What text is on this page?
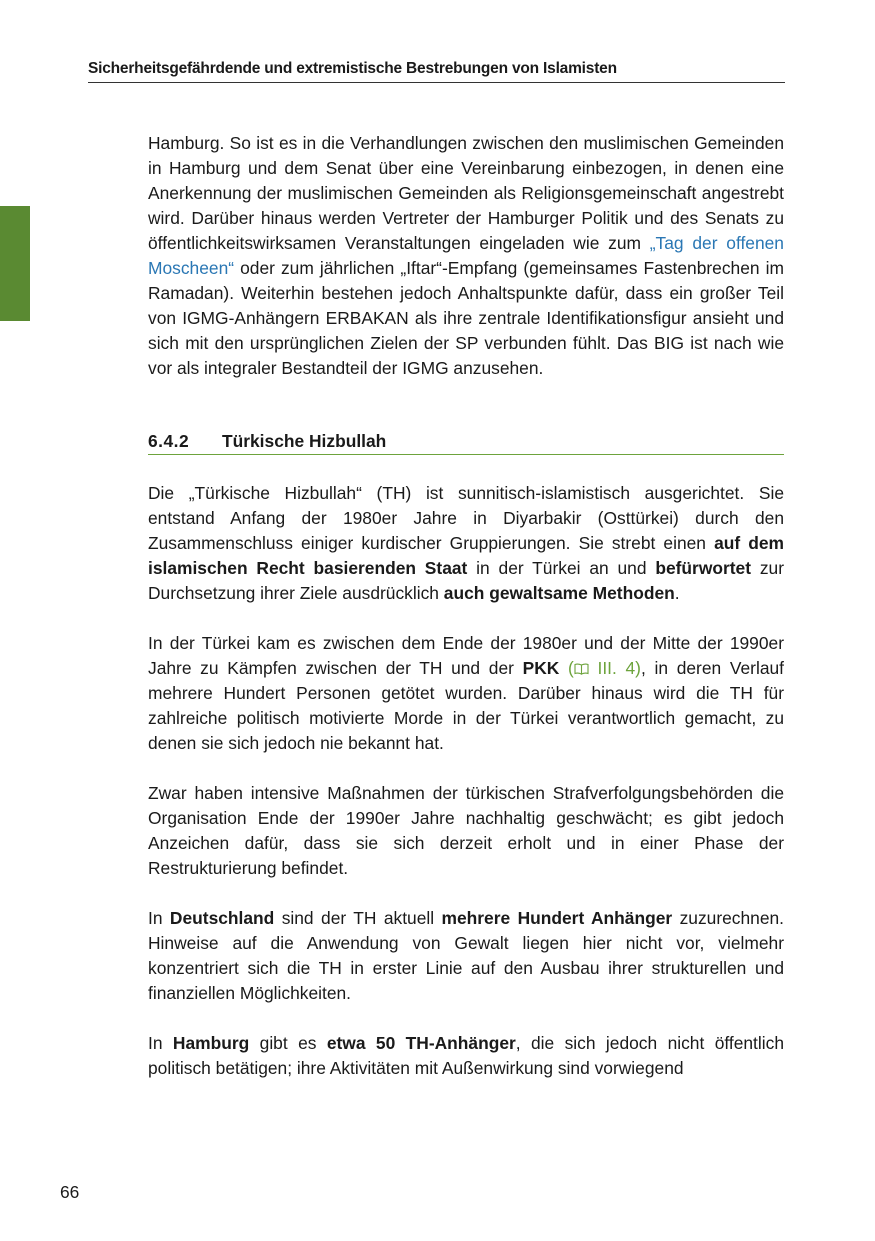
Sicherheitsgefährdende und extremistische Bestrebungen von Islamisten

Hamburg. So ist es in die Verhandlungen zwischen den muslimischen Gemeinden in Hamburg und dem Senat über eine Vereinbarung einbezogen, in denen eine Anerkennung der muslimischen Gemeinden als Religionsgemeinschaft angestrebt wird. Darüber hinaus werden Vertreter der Hamburger Politik und des Senats zu öffentlichkeitswirksamen Veranstaltungen eingeladen wie zum „Tag der offenen Moscheen“ oder zum jährlichen „Iftar“-Empfang (gemeinsames Fastenbrechen im Ramadan). Weiterhin bestehen jedoch Anhaltspunkte dafür, dass ein großer Teil von IGMG-Anhängern ERBAKAN als ihre zentrale Identifikationsfigur ansieht und sich mit den ursprünglichen Zielen der SP verbunden fühlt. Das BIG ist nach wie vor als integraler Bestandteil der IGMG anzusehen.

6.4.2 Türkische Hizbullah

Die „Türkische Hizbullah“ (TH) ist sunnitisch-islamistisch ausgerichtet. Sie entstand Anfang der 1980er Jahre in Diyarbakir (Osttürkei) durch den Zusammenschluss einiger kurdischer Gruppierungen. Sie strebt einen auf dem islamischen Recht basierenden Staat in der Türkei an und befürwortet zur Durchsetzung ihrer Ziele ausdrücklich auch gewaltsame Methoden.

In der Türkei kam es zwischen dem Ende der 1980er und der Mitte der 1990er Jahre zu Kämpfen zwischen der TH und der PKK ( III. 4), in deren Verlauf mehrere Hundert Personen getötet wurden. Darüber hinaus wird die TH für zahlreiche politisch motivierte Morde in der Türkei verantwortlich gemacht, zu denen sie sich jedoch nie bekannt hat.

Zwar haben intensive Maßnahmen der türkischen Strafverfolgungsbehörden die Organisation Ende der 1990er Jahre nachhaltig geschwächt; es gibt jedoch Anzeichen dafür, dass sie sich derzeit erholt und in einer Phase der Restrukturierung befindet.

In Deutschland sind der TH aktuell mehrere Hundert Anhänger zuzurechnen. Hinweise auf die Anwendung von Gewalt liegen hier nicht vor, vielmehr konzentriert sich die TH in erster Linie auf den Ausbau ihrer strukturellen und finanziellen Möglichkeiten.

In Hamburg gibt es etwa 50 TH-Anhänger, die sich jedoch nicht öffentlich politisch betätigen; ihre Aktivitäten mit Außenwirkung sind vorwiegend

66
